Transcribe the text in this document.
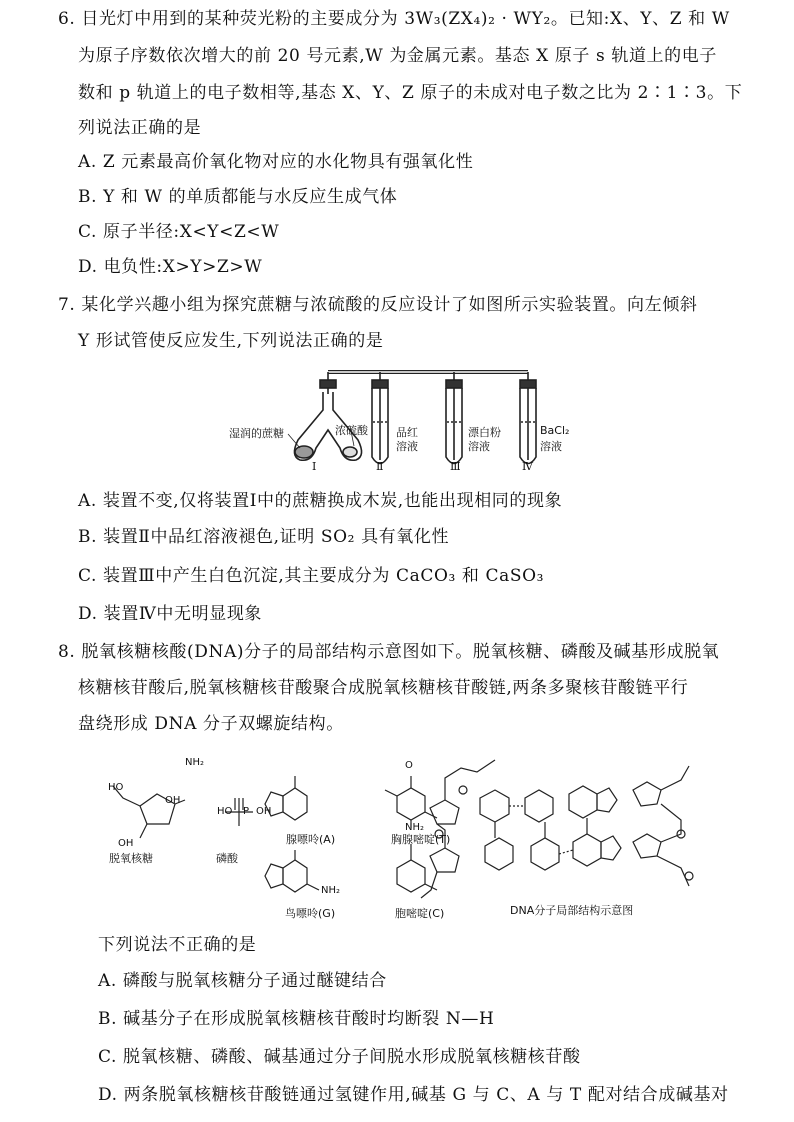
6. 日光灯中用到的某种荧光粉的主要成分为 3W₃(ZX₄)₂ · WY₂。已知:X、Y、Z 和 W
为原子序数依次增大的前 20 号元素,W 为金属元素。基态 X 原子 s 轨道上的电子
数和 p 轨道上的电子数相等,基态 X、Y、Z 原子的未成对电子数之比为 2∶1∶3。下
列说法正确的是
A. Z 元素最高价氧化物对应的水化物具有强氧化性
B. Y 和 W 的单质都能与水反应生成气体
C. 原子半径:X<Y<Z<W
D. 电负性:X>Y>Z>W
7. 某化学兴趣小组为探究蔗糖与浓硫酸的反应设计了如图所示实验装置。向左倾斜
Y 形试管使反应发生,下列说法正确的是
湿润的蔗糖	浓硫酸	品红
溶液
漂白粉
溶液
BaCl₂
溶液
Ⅰ	Ⅱ	Ⅲ	Ⅳ
A. 装置不变,仅将装置Ⅰ中的蔗糖换成木炭,也能出现相同的现象
B. 装置Ⅱ中品红溶液褪色,证明 SO₂ 具有氧化性
C. 装置Ⅲ中产生白色沉淀,其主要成分为 CaCO₃ 和 CaSO₃
D. 装置Ⅳ中无明显现象
8. 脱氧核糖核酸(DNA)分子的局部结构示意图如下。脱氧核糖、磷酸及碱基形成脱氧
核糖核苷酸后,脱氧核糖核苷酸聚合成脱氧核糖核苷酸链,两条多聚核苷酸链平行
盘绕形成 DNA 分子双螺旋结构。
NH₂	O
NH₂
NH₂
OH
HO
OH
HO OH
P
脱氧核糖	磷酸
腺嘌呤(A)	胸腺嘧啶(T)
鸟嘌呤(G)	胞嘧啶(C)	DNA分子局部结构示意图
下列说法不正确的是
A. 磷酸与脱氧核糖分子通过醚键结合
B. 碱基分子在形成脱氧核糖核苷酸时均断裂 N—H
C. 脱氧核糖、磷酸、碱基通过分子间脱水形成脱氧核糖核苷酸
D. 两条脱氧核糖核苷酸链通过氢键作用,碱基 G 与 C、A 与 T 配对结合成碱基对
